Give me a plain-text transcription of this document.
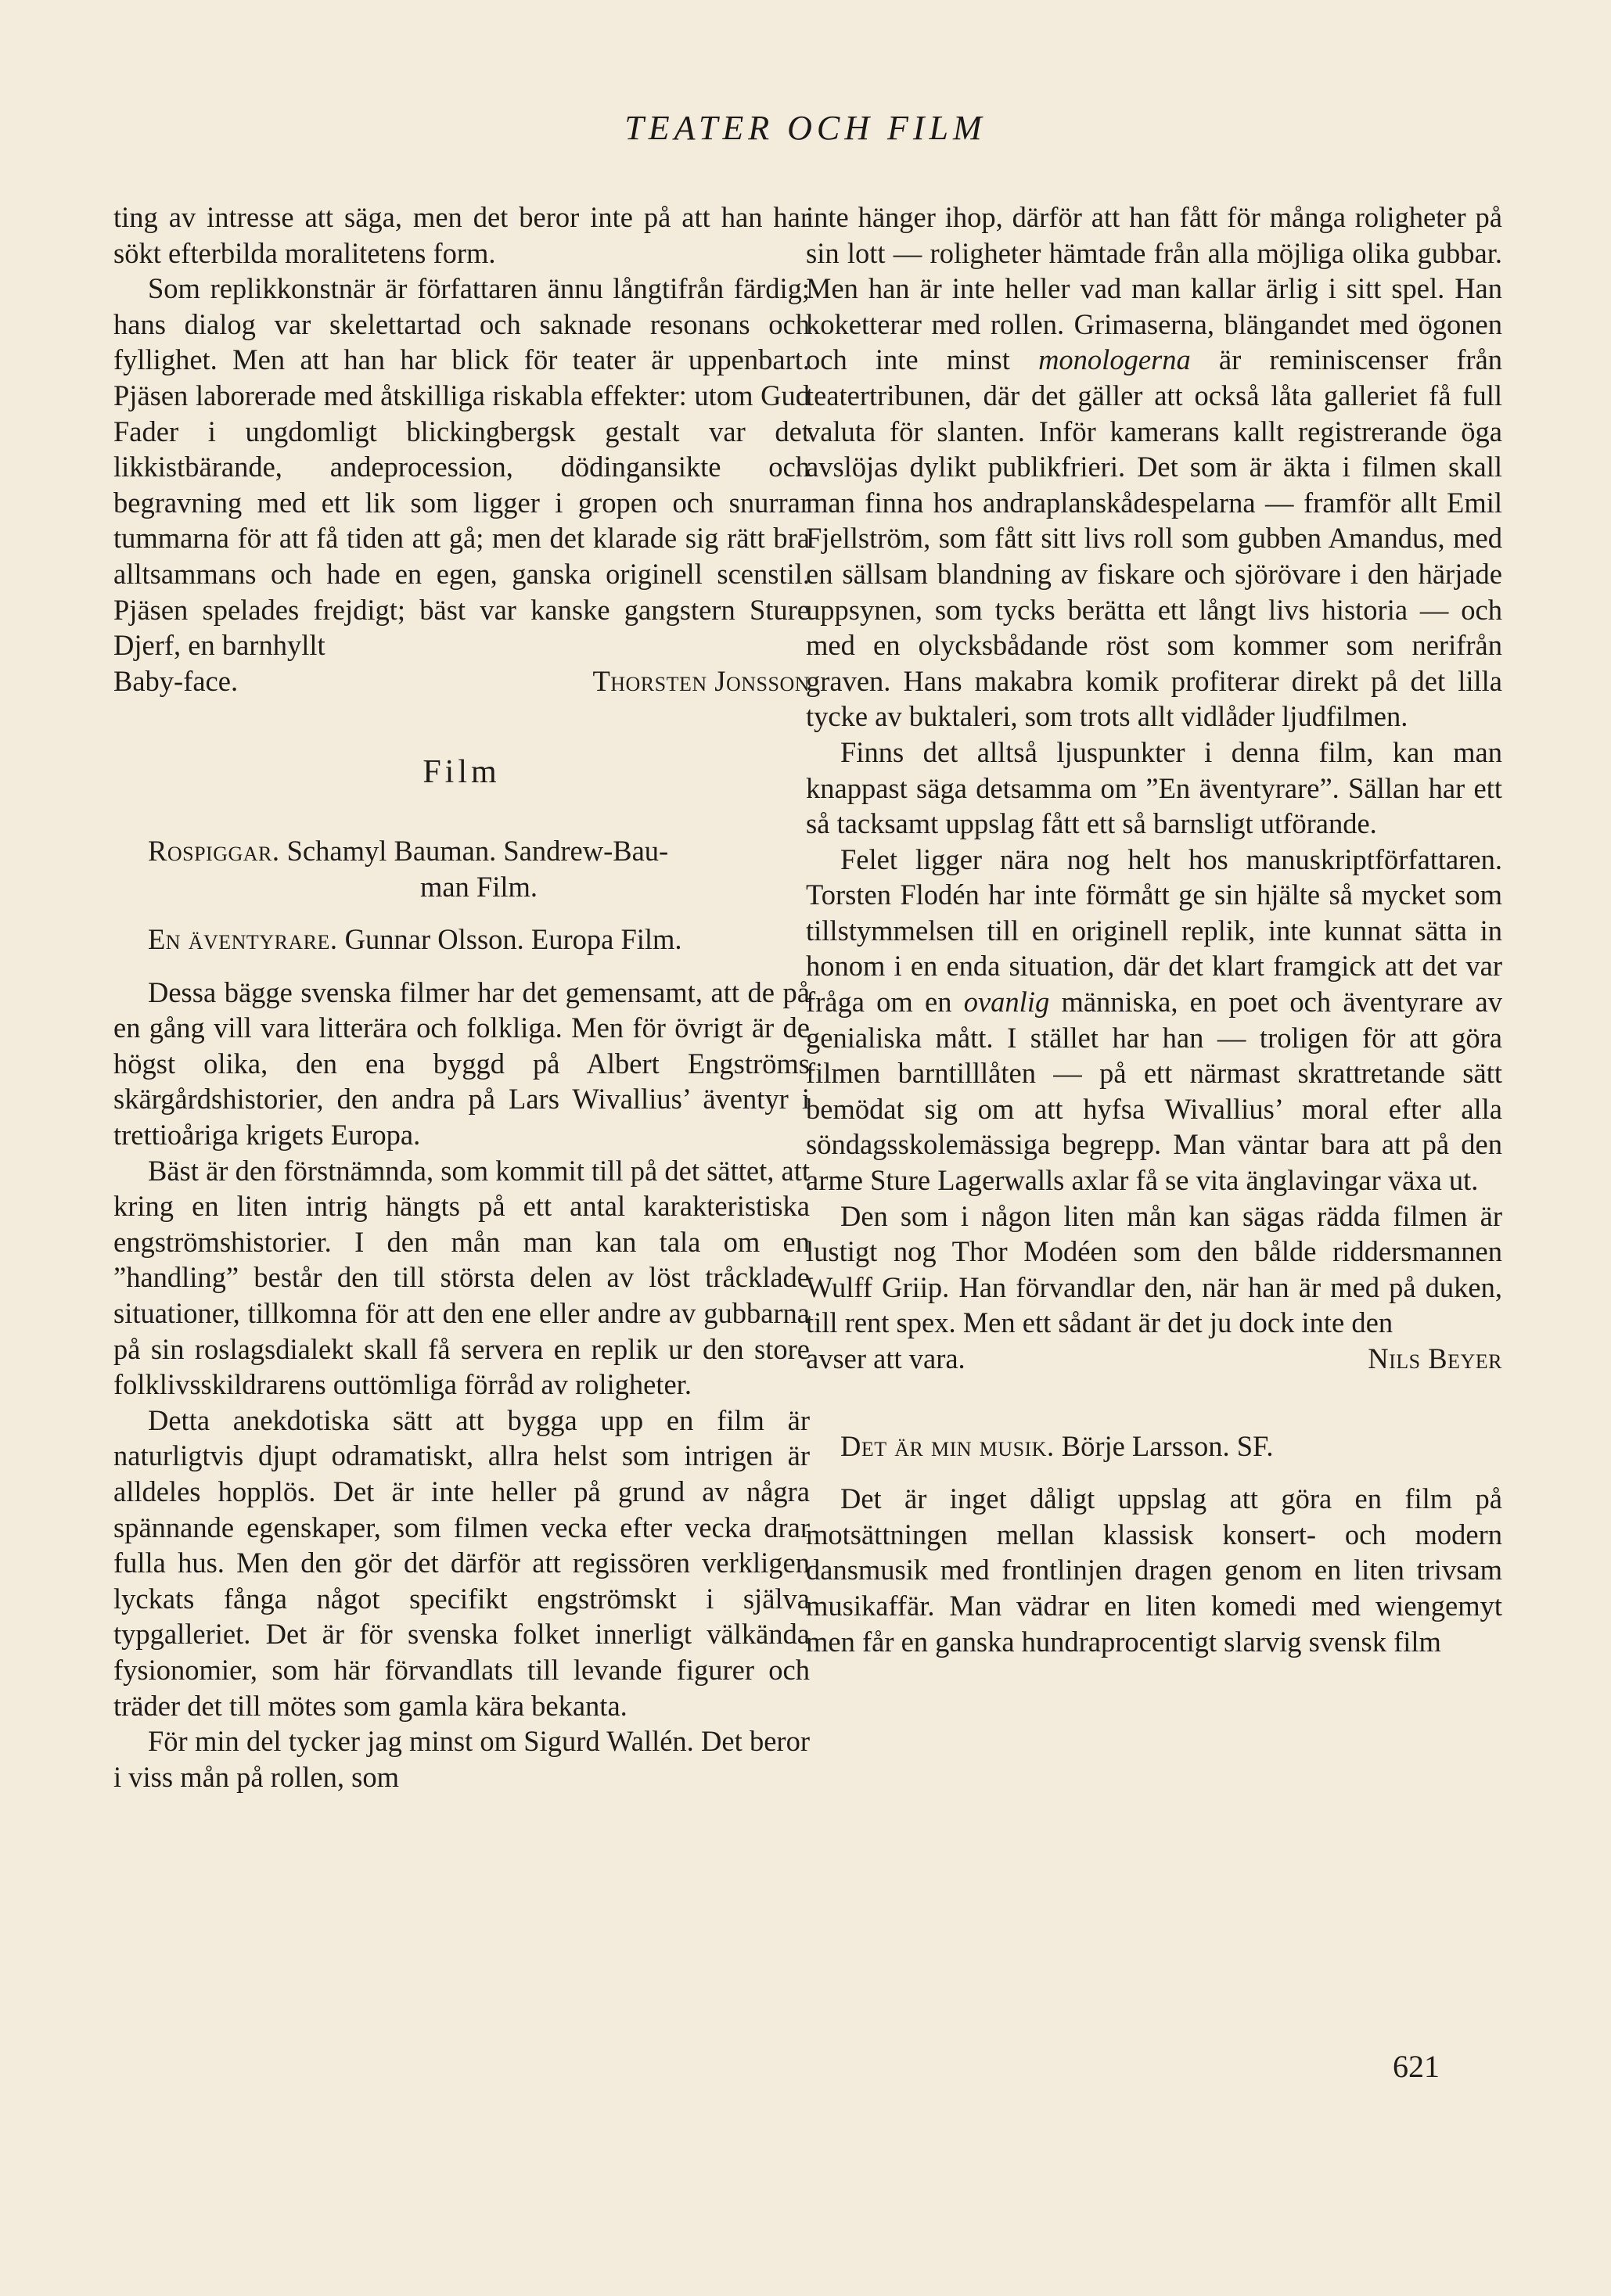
TEATER OCH FILM

ting av intresse att säga, men det beror inte på att han har sökt efterbilda moralitetens form.

Som replikkonstnär är författaren ännu långtifrån färdig; hans dialog var skelettartad och saknade resonans och fyllighet. Men att han har blick för teater är uppenbart. Pjäsen laborerade med åtskilliga riskabla effekter: utom Gud Fader i ungdomligt blickingbergsk gestalt var det likkistbärande, andeprocession, dödingansikte och begravning med ett lik som ligger i gropen och snurrar tummarna för att få tiden att gå; men det klarade sig rätt bra alltsammans och hade en egen, ganska originell scenstil. Pjäsen spelades frejdigt; bäst var kanske gangstern Sture Djerf, en barnhyllt

Baby-face.	Thorsten Jonsson
Film

Rospiggar. Schamyl Bauman. Sandrew-Bau-
man Film.

En äventyrare. Gunnar Olsson. Europa Film.

Dessa bägge svenska filmer har det gemensamt, att de på en gång vill vara litterära och folkliga. Men för övrigt är de högst olika, den ena byggd på Albert Engströms skärgårdshistorier, den andra på Lars Wivallius’ äventyr i trettioåriga krigets Europa.

Bäst är den förstnämnda, som kommit till på det sättet, att kring en liten intrig hängts på ett antal karakteristiska engströmshistorier. I den mån man kan tala om en ”handling” består den till största delen av löst tråcklade situationer, tillkomna för att den ene eller andre av gubbarna på sin roslagsdialekt skall få servera en replik ur den store folklivsskildrarens outtömliga förråd av roligheter.

Detta anekdotiska sätt att bygga upp en film är naturligtvis djupt odramatiskt, allra helst som intrigen är alldeles hopplös. Det är inte heller på grund av några spännande egenskaper, som filmen vecka efter vecka drar fulla hus. Men den gör det därför att regissören verkligen lyckats fånga något specifikt engströmskt i själva typgalleriet. Det är för svenska folket innerligt välkända fysionomier, som här förvandlats till levande figurer och träder det till mötes som gamla kära bekanta.

För min del tycker jag minst om Sigurd Wallén. Det beror i viss mån på rollen, som

inte hänger ihop, därför att han fått för många roligheter på sin lott — roligheter hämtade från alla möjliga olika gubbar. Men han är inte heller vad man kallar ärlig i sitt spel. Han koketterar med rollen. Grimaserna, blängandet med ögonen och inte minst monologerna är reminiscenser från teatertribunen, där det gäller att också låta galleriet få full valuta för slanten. Inför kamerans kallt registrerande öga avslöjas dylikt publikfrieri. Det som är äkta i filmen skall man finna hos andraplanskådespelarna — framför allt Emil Fjellström, som fått sitt livs roll som gubben Amandus, med en sällsam blandning av fiskare och sjörövare i den härjade uppsynen, som tycks berätta ett långt livs historia — och med en olycksbådande röst som kommer som nerifrån graven. Hans makabra komik profiterar direkt på det lilla tycke av buktaleri, som trots allt vidlåder ljudfilmen.

Finns det alltså ljuspunkter i denna film, kan man knappast säga detsamma om ”En äventyrare”. Sällan har ett så tacksamt uppslag fått ett så barnsligt utförande.

Felet ligger nära nog helt hos manuskriptförfattaren. Torsten Flodén har inte förmått ge sin hjälte så mycket som tillstymmelsen till en originell replik, inte kunnat sätta in honom i en enda situation, där det klart framgick att det var fråga om en ovanlig människa, en poet och äventyrare av genialiska mått. I stället har han — troligen för att göra filmen barntilllåten — på ett närmast skrattretande sätt bemödat sig om att hyfsa Wivallius’ moral efter alla söndagsskolemässiga begrepp. Man väntar bara att på den arme Sture Lagerwalls axlar få se vita änglavingar växa ut.

Den som i någon liten mån kan sägas rädda filmen är lustigt nog Thor Modéen som den bålde riddersmannen Wulff Griip. Han förvandlar den, när han är med på duken, till rent spex. Men ett sådant är det ju dock inte den

avser att vara.	Nils Beyer

Det är min musik. Börje Larsson. SF.

Det är inget dåligt uppslag att göra en film på motsättningen mellan klassisk konsert- och modern dansmusik med frontlinjen dragen genom en liten trivsam musikaffär. Man vädrar en liten komedi med wiengemyt men får en ganska hundraprocentigt slarvig svensk film

621
